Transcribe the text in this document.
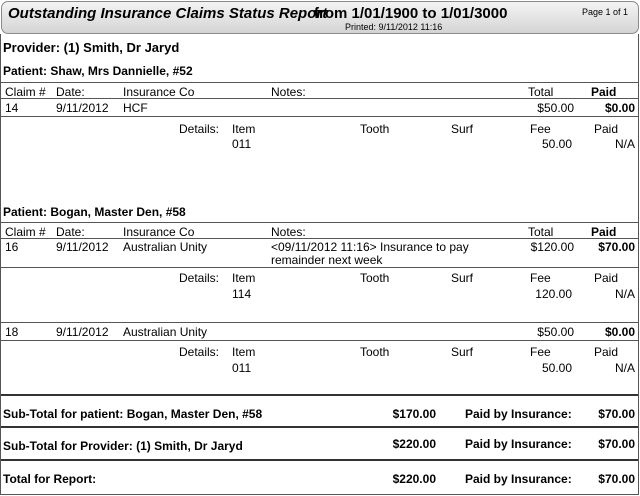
Outstanding Insurance Claims Status Report
from 1/01/1900 to 1/01/3000
Printed: 9/11/2012 11:16
Page 1 of 1
Provider: (1) Smith, Dr Jaryd
Patient: Shaw, Mrs Dannielle, #52
Claim # Date:	Insurance Co	Notes:	Total	Paid
14	9/11/2012 HCF	$50.00	$0.00
Details: Item	Tooth	Surf	Fee	Paid
011	50.00	N/A
Patient: Bogan, Master Den, #58
Claim # Date:	Insurance Co	Notes:	Total	Paid
16	9/11/2012 Australian Unity	<09/11/2012 11:16> Insurance to pay
remainder next week
$120.00	$70.00
Details: Item	Tooth	Surf	Fee	Paid
114	120.00	N/A
18	9/11/2012 Australian Unity	$50.00	$0.00
Details: Item	Tooth	Surf	Fee	Paid
011	50.00	N/A
Sub-Total for patient: Bogan, Master Den, #58	$170.00 Paid by Insurance:	$70.00
Sub-Total for Provider: (1) Smith, Dr Jaryd	$220.00 Paid by Insurance:	$70.00
Total for Report:	$220.00 Paid by Insurance:	$70.00
